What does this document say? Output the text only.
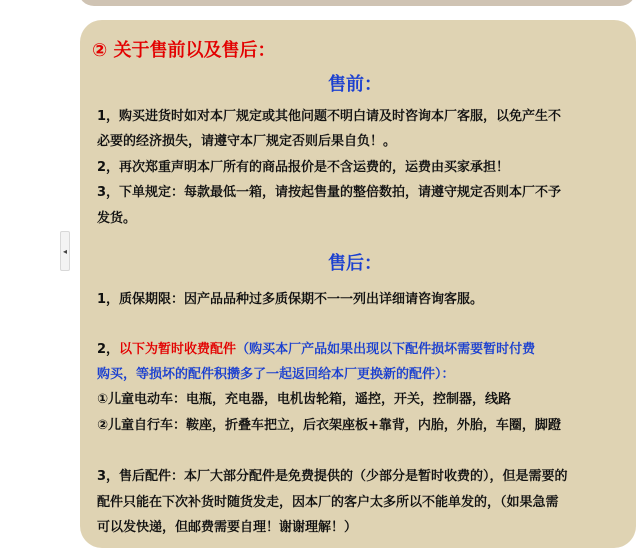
◂
② 关于售前以及售后：
售前：
1，购买进货时如对本厂规定或其他问题不明白请及时咨询本厂客服，以免产生不
必要的经济损失，请遵守本厂规定否则后果自负！。
2，再次郑重声明本厂所有的商品报价是不含运费的，运费由买家承担！
3，下单规定：每款最低一箱，请按起售量的整倍数拍，请遵守规定否则本厂不予
发货。
售后：
1，质保期限：因产品品种过多质保期不一一列出详细请咨询客服。
2，以下为暂时收费配件（购买本厂产品如果出现以下配件损坏需要暂时付费
购买，等损坏的配件积攒多了一起返回给本厂更换新的配件）：
①儿童电动车：电瓶，充电器，电机齿轮箱，遥控，开关，控制器，线路
②儿童自行车：鞍座，折叠车把立，后衣架座板+靠背，内胎，外胎，车圈，脚蹬
3，售后配件：本厂大部分配件是免费提供的（少部分是暂时收费的），但是需要的
配件只能在下次补货时随货发走，因本厂的客户太多所以不能单发的，（如果急需
可以发快递，但邮费需要自理！谢谢理解！）
